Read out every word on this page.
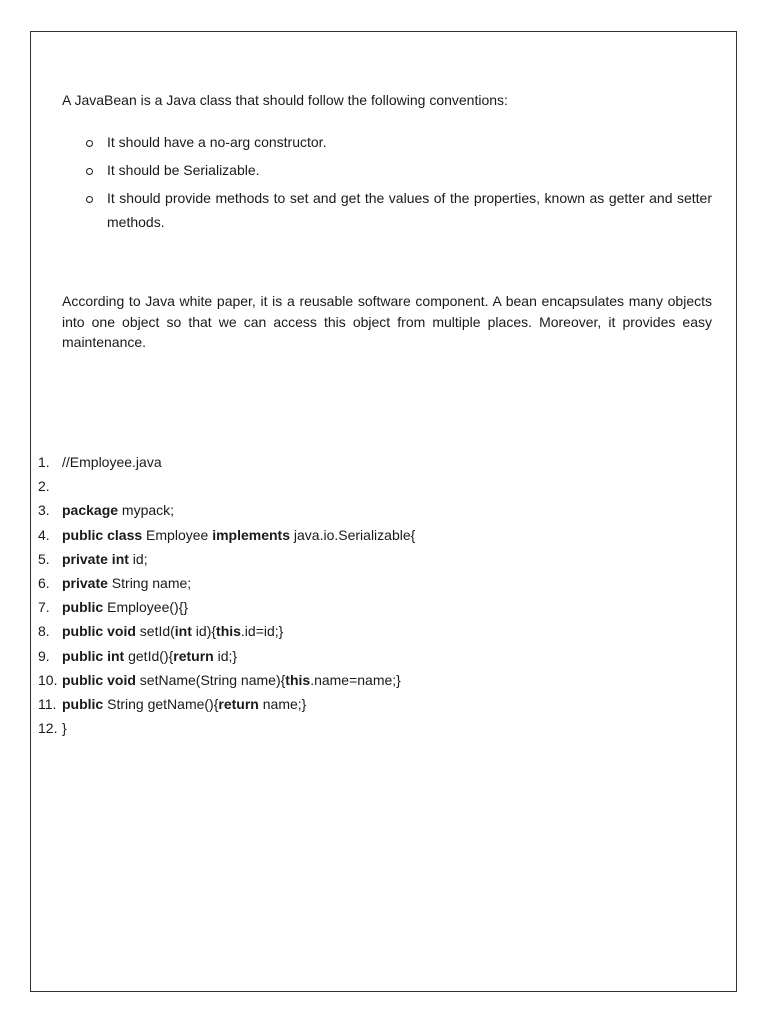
A JavaBean is a Java class that should follow the following conventions:

It should have a no-arg constructor.
It should be Serializable.
It should provide methods to set and get the values of the properties, known as getter and setter methods.

According to Java white paper, it is a reusable software component. A bean encapsulates many objects into one object so that we can access this object from multiple places. Moreover, it provides easy maintenance.

1. //Employee.java
2.
3. package mypack;
4. public class Employee implements java.io.Serializable{
5. private int id;
6. private String name;
7. public Employee(){}
8. public void setId( int id){ this .id=id;}
9. public int getId(){ return id;}
10. public void setName(String name){ this .name=name;}
11. public String getName(){ return name;}
12. }
